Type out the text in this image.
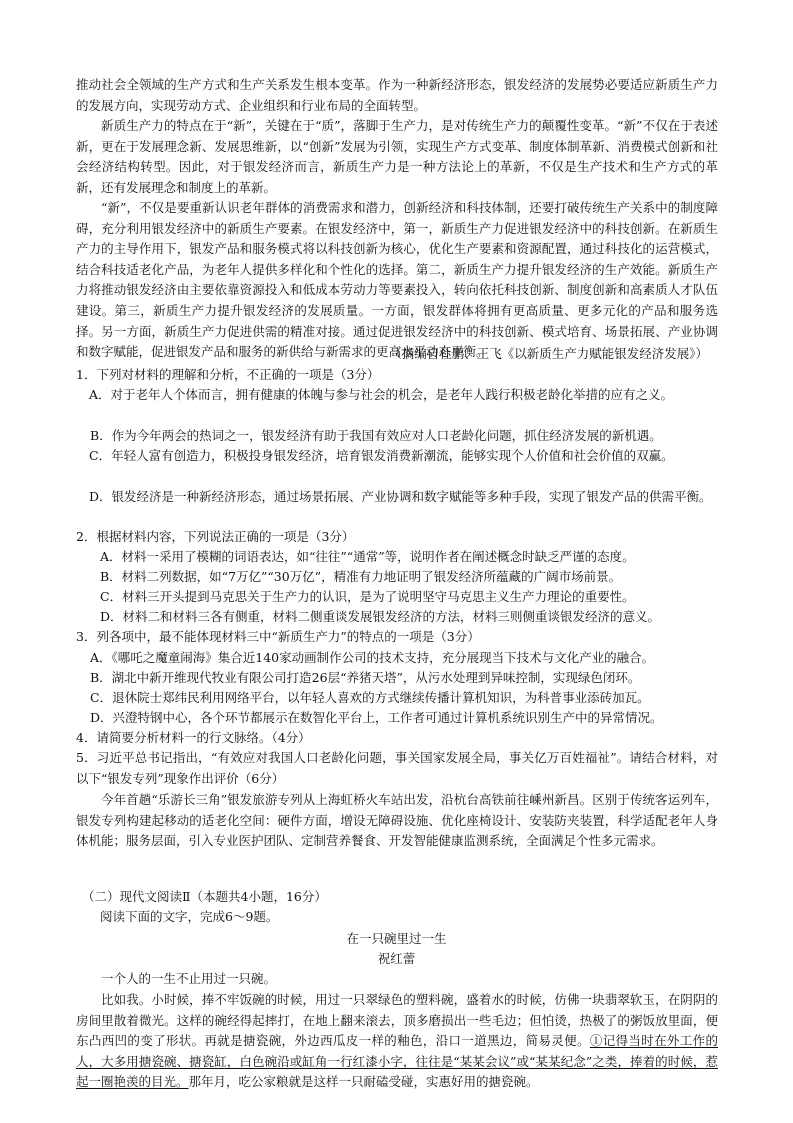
推动社会全领域的生产方式和生产关系发生根本变革。作为一种新经济形态，银发经济的发展势必要适应新质生产力的发展方向，实现劳动方式、企业组织和行业布局的全面转型。

新质生产力的特点在于“新”，关键在于“质”，落脚于生产力，是对传统生产力的颠覆性变革。“新”不仅在于表述新，更在于发展理念新、发展思维新，以“创新”发展为引领，实现生产方式变革、制度体制革新、消费模式创新和社会经济结构转型。因此，对于银发经济而言，新质生产力是一种方法论上的革新，不仅是生产技术和生产方式的革新，还有发展理念和制度上的革新。

“新”，不仅是要重新认识老年群体的消费需求和潜力，创新经济和科技体制，还要打破传统生产关系中的制度障碍，充分利用银发经济中的新质生产要素。在银发经济中，第一，新质生产力促进银发经济中的科技创新。在新质生产力的主导作用下，银发产品和服务模式将以科技创新为核心，优化生产要素和资源配置，通过科技化的运营模式，结合科技适老化产品，为老年人提供多样化和个性化的选择。第二，新质生产力提升银发经济的生产效能。新质生产力将推动银发经济由主要依靠资源投入和低成本劳动力等要素投入，转向依托科技创新、制度创新和高素质人才队伍建设。第三，新质生产力提升银发经济的发展质量。一方面，银发群体将拥有更高质量、更多元化的产品和服务选择。另一方面，新质生产力促进供需的精准对接。通过促进银发经济中的科技创新、模式培育、场景拓展、产业协调和数字赋能，促进银发产品和服务的新供给与新需求的更高水平动态平衡。

（摘编自杜鹏、王飞《以新质生产力赋能银发经济发展》）

1．下列对材料的理解和分析，不正确的一项是（3分）

A．对于老年人个体而言，拥有健康的体魄与参与社会的机会，是老年人践行积极老龄化举措的应有之义。

B．作为今年两会的热词之一，银发经济有助于我国有效应对人口老龄化问题，抓住经济发展的新机遇。

C．年轻人富有创造力，积极投身银发经济，培育银发消费新潮流，能够实现个人价值和社会价值的双赢。

D．银发经济是一种新经济形态，通过场景拓展、产业协调和数字赋能等多种手段，实现了银发产品的供需平衡。

2．根据材料内容，下列说法正确的一项是（3分）

A．材料一采用了模糊的词语表达，如“往往”“通常”等，说明作者在阐述概念时缺乏严谨的态度。

B．材料二列数据，如“7万亿”“30万亿”，精准有力地证明了银发经济所蕴藏的广阔市场前景。

C．材料三开头提到马克思关于生产力的认识，是为了说明坚守马克思主义生产力理论的重要性。

D．材料二和材料三各有侧重，材料二侧重谈发展银发经济的方法，材料三则侧重谈银发经济的意义。

3．列各项中，最不能体现材料三中“新质生产力”的特点的一项是（3分）

A．《哪吒之魔童闹海》集合近140家动画制作公司的技术支持，充分展现当下技术与文化产业的融合。

B．湖北中新开维现代牧业有限公司打造26层“养猪天塔”，从污水处理到异味控制，实现绿色闭环。

C．退休院士郑纬民利用网络平台，以年轻人喜欢的方式继续传播计算机知识，为科普事业添砖加瓦。

D．兴澄特钢中心，各个环节都展示在数智化平台上，工作者可通过计算机系统识别生产中的异常情况。

4．请简要分析材料一的行文脉络。（4分）

5．习近平总书记指出，“有效应对我国人口老龄化问题，事关国家发展全局，事关亿万百姓福祉”。请结合材料，对以下“银发专列”现象作出评价（6分）

今年首趟“乐游长三角”银发旅游专列从上海虹桥火车站出发，沿杭台高铁前往嵊州新昌。区别于传统客运列车，银发专列构建起移动的适老化空间：硬件方面，增设无障碍设施、优化座椅设计、安装防夹装置，科学适配老年人身体机能；服务层面，引入专业医护团队、定制营养餐食、开发智能健康监测系统，全面满足个性多元需求。

（二）现代文阅读Ⅱ（本题共4小题，16分）

阅读下面的文字，完成6～9题。

在一只碗里过一生

祝红蕾

一个人的一生不止用过一只碗。

比如我。小时候，捧不牢饭碗的时候，用过一只翠绿色的塑料碗，盛着水的时候，仿佛一块翡翠软玉，在阴阴的房间里散着微光。这样的碗经得起摔打，在地上翻来滚去，顶多磨损出一些毛边；但怕烫，热极了的粥饭放里面，便东凸西凹的变了形状。再就是搪瓷碗，外边西瓜皮一样的釉色，沿口一道黑边，简易灵便。①记得当时在外工作的人，大多用搪瓷碗、搪瓷缸，白色碗沿或缸角一行红漆小字，往往是“某某会议”或“某某纪念”之类，捧着的时候，惹起一圈艳羡的目光。那年月，吃公家粮就是这样一只耐磕受碰，实惠好用的搪瓷碗。
